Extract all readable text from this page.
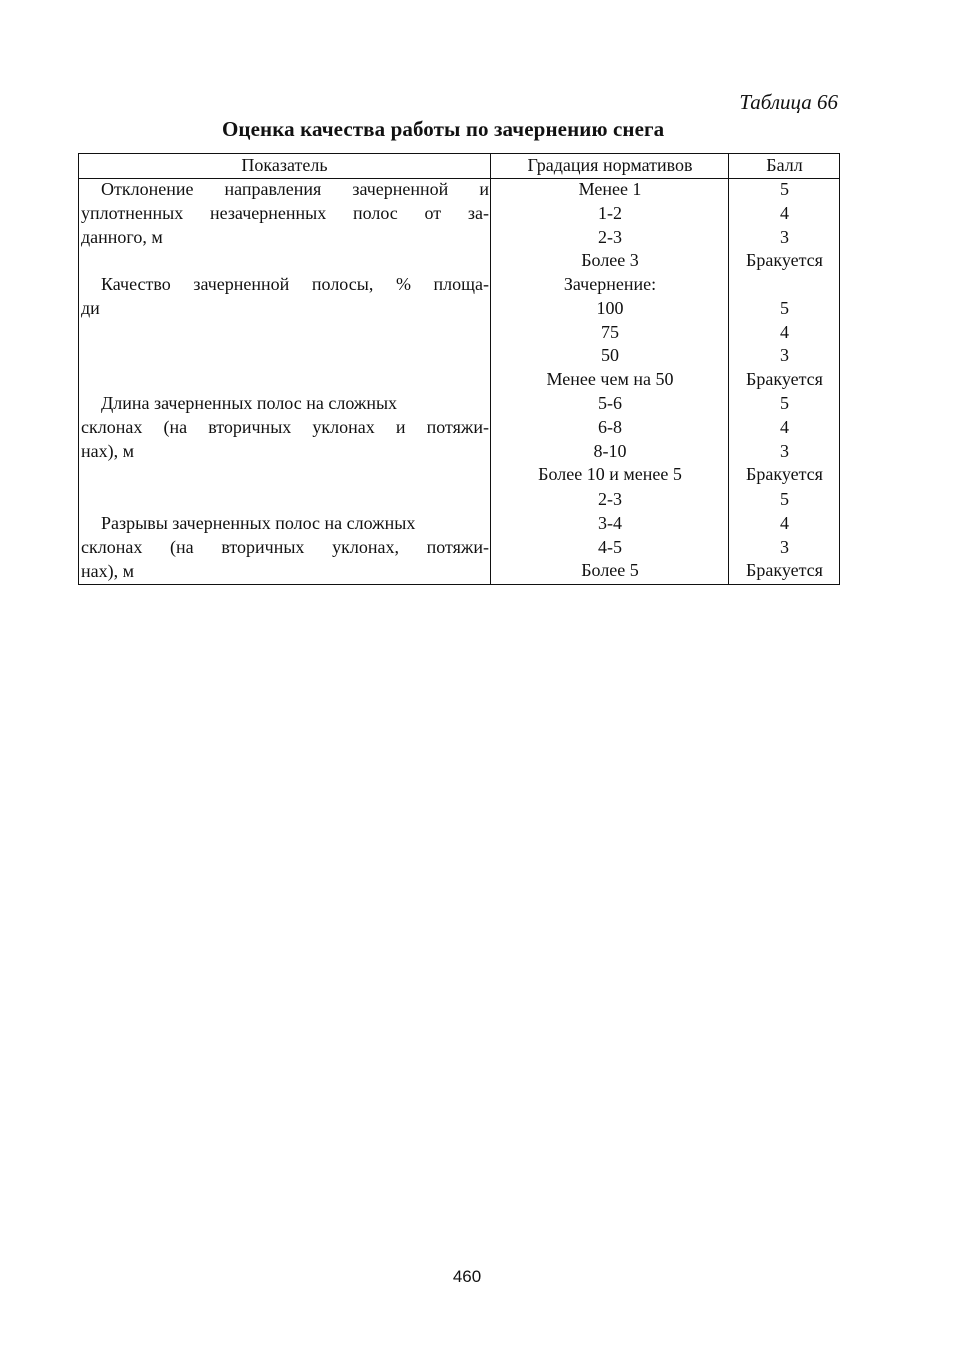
Таблица 66
Оценка качества работы по зачернению снега
Показатель	Градация нормативов	Балл
Отклонение направления зачерненной и
уплотненных незачерненных полос от за-
данного, м
Менее 1
1-2
2-3
Более 3
5
4
3
Бракуется
Качество зачерненной полосы, % площа-
ди
Зачернение:
100
75
50
Менее чем на 50
5
4
3
Бракуется
Длина зачерненных полос на сложных
склонах (на вторичных уклонах и потяжи-
нах), м
5-6
6-8
8-10
Более 10 и менее 5
5
4
3
Бракуется
Разрывы зачерненных полос на сложных
склонах (на вторичных уклонах, потяжи-
нах), м
2-3
3-4
4-5
Более 5
5
4
3
Бракуется
460
